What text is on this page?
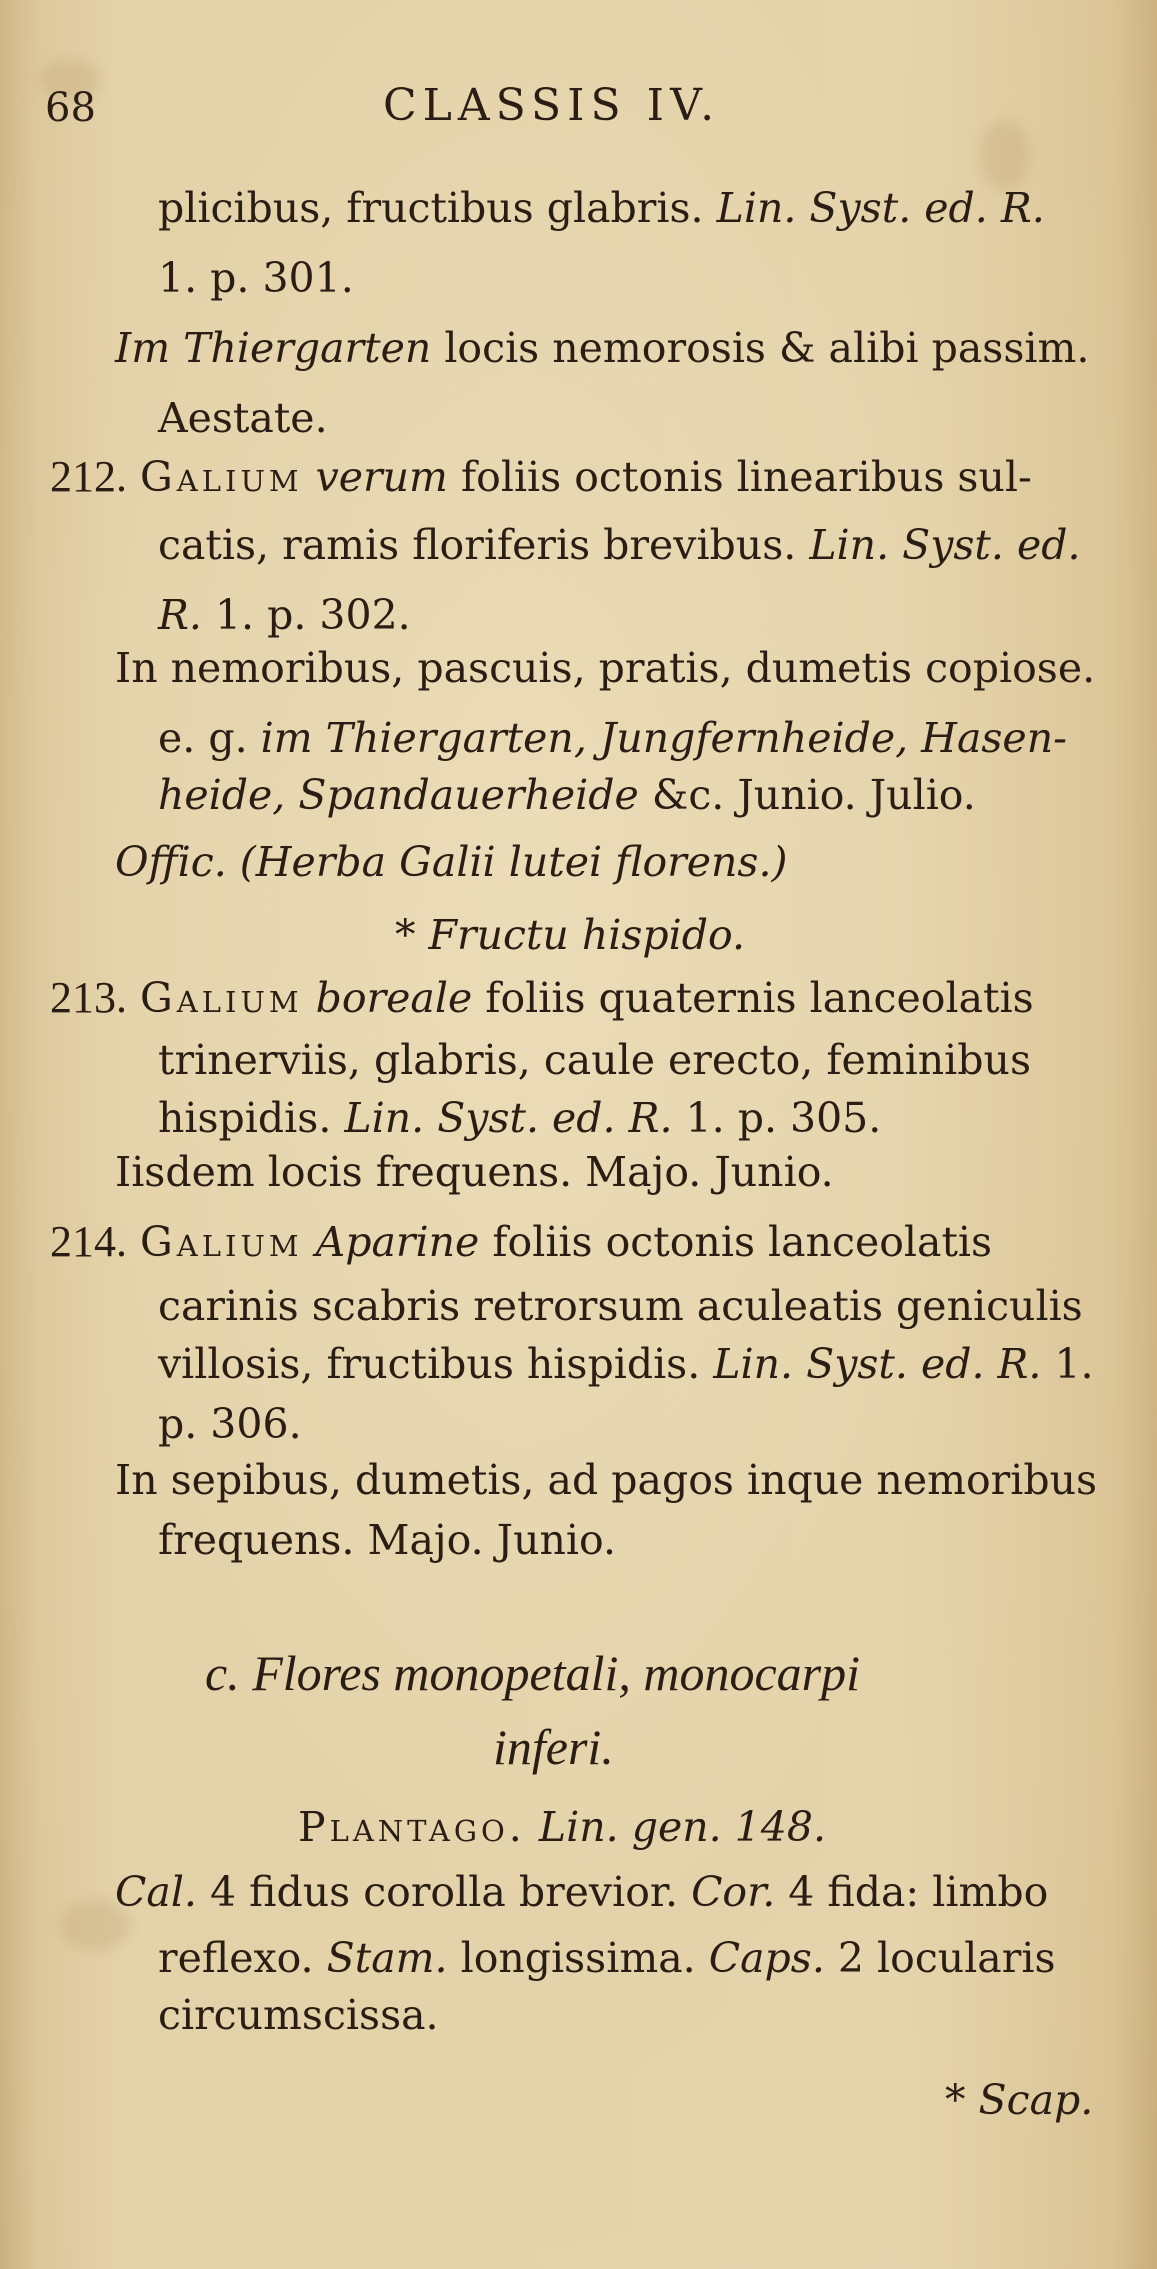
68	CLASSIS IV.
plicibus, fructibus glabris. Lin. Syst. ed. R.
1. p. 301.
Im Thiergarten locis nemorosis & alibi passim.
Aestate.
212. Galium verum foliis octonis linearibus sul-
catis, ramis floriferis brevibus. Lin. Syst. ed.
R. 1. p. 302.
In nemoribus, pascuis, pratis, dumetis copiose.
e. g. im Thiergarten, Jungfernheide, Hasen-
heide, Spandauerheide &c. Junio. Julio.
Offic. (Herba Galii lutei florens.)
* Fructu hispido.
213. Galium boreale foliis quaternis lanceolatis
trinerviis, glabris, caule erecto, feminibus
hispidis. Lin. Syst. ed. R. 1. p. 305.
Iisdem locis frequens. Majo. Junio.
214. Galium Aparine foliis octonis lanceolatis
carinis scabris retrorsum aculeatis geniculis
villosis, fructibus hispidis. Lin. Syst. ed. R. 1.
p. 306.
In sepibus, dumetis, ad pagos inque nemoribus
frequens. Majo. Junio.
c. Flores monopetali, monocarpi
inferi.
Plantago. Lin. gen. 148.
Cal. 4 fidus corolla brevior. Cor. 4 fida: limbo
reflexo. Stam. longissima. Caps. 2 locularis
circumscissa.
* Scap.
